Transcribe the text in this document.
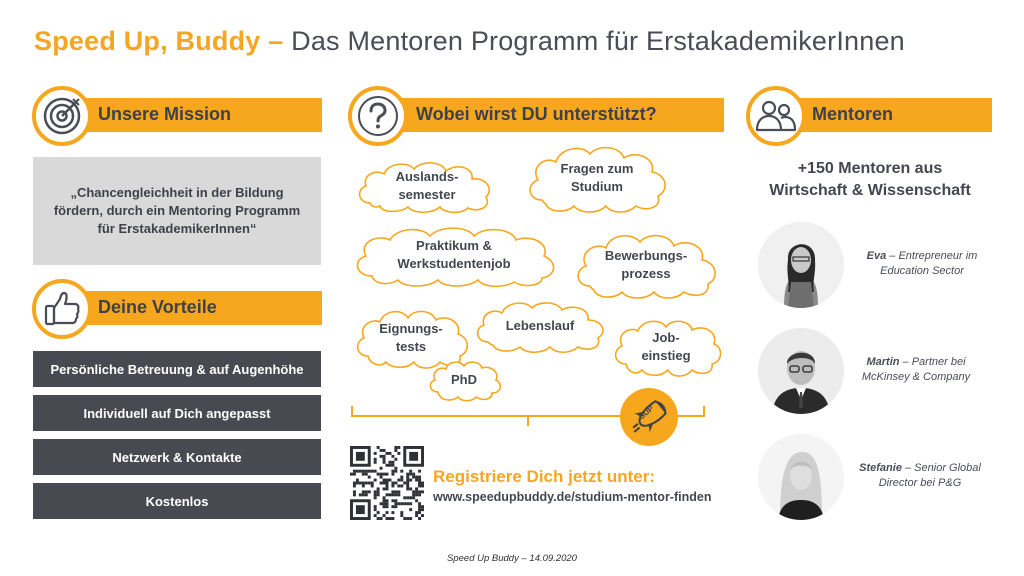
Speed Up, Buddy – Das Mentoren Programm für ErstakademikerInnen
Unsere Mission
„Chancengleichheit in der Bildung fördern, durch ein Mentoring Programm für ErstakademikerInnen“
Deine Vorteile
Persönliche Betreuung & auf Augenhöhe
Individuell auf Dich angepasst
Netzwerk & Kontakte
Kostenlos
Wobei wirst DU unterstützt?
Auslands-
semester
Fragen zum
Studium
Praktikum &
Werkstudentenjob
Bewerbungs-
prozess
Eignungs-
tests
Lebenslauf
Job-
einstieg
PhD
SUP
Registriere Dich jetzt unter:
www.speedupbuddy.de/studium-mentor-finden
Mentoren
+150 Mentoren aus
Wirtschaft & Wissenschaft
Eva – Entrepreneur im
Education Sector
Martin – Partner bei
McKinsey & Company
Stefanie – Senior Global
Director bei P&G
Speed Up Buddy – 14.09.2020
